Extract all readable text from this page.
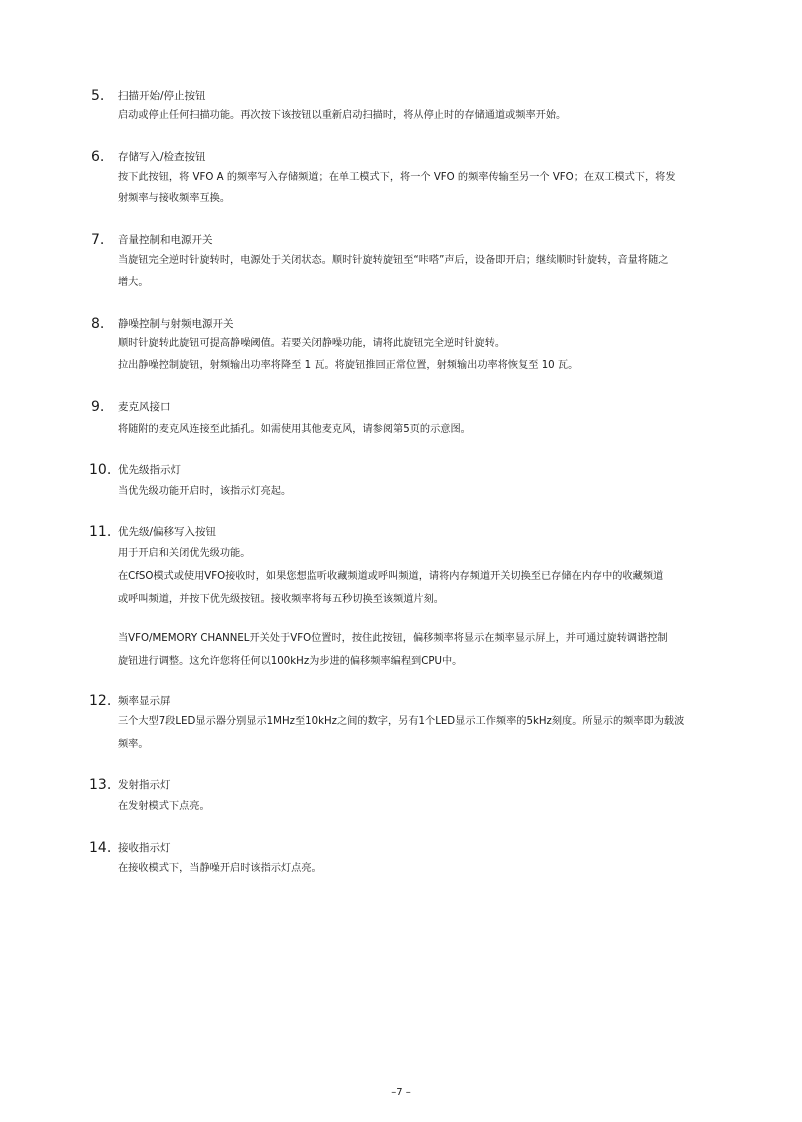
5.	扫描开始/停止按钮
启动或停止任何扫描功能。再次按下该按钮以重新启动扫描时，将从停止时的存储通道或频率开始。
6.	存储写入/检查按钮
按下此按钮，将 VFO A 的频率写入存储频道；在单工模式下，将一个 VFO 的频率传输至另一个 VFO；在双工模式下，将发
射频率与接收频率互换。
7.	音量控制和电源开关
当旋钮完全逆时针旋转时，电源处于关闭状态。顺时针旋转旋钮至“咔嗒”声后，设备即开启；继续顺时针旋转，音量将随之
增大。
8.	静噪控制与射频电源开关
顺时针旋转此旋钮可提高静噪阈值。若要关闭静噪功能，请将此旋钮完全逆时针旋转。
拉出静噪控制旋钮，射频输出功率将降至 1 瓦。将旋钮推回正常位置，射频输出功率将恢复至 10 瓦。
9.	麦克风接口
将随附的麦克风连接至此插孔。如需使用其他麦克风，请参阅第5页的示意图。
10. 优先级指示灯
当优先级功能开启时，该指示灯亮起。
11. 优先级/偏移写入按钮
用于开启和关闭优先级功能。
在CfSO模式或使用VFO接收时，如果您想监听收藏频道或呼叫频道，请将内存频道开关切换至已存储在内存中的收藏频道
或呼叫频道，并按下优先级按钮。接收频率将每五秒切换至该频道片刻。
当VFO/MEMORY CHANNEL开关处于VFO位置时，按住此按钮，偏移频率将显示在频率显示屏上，并可通过旋转调谐控制
旋钮进行调整。这允许您将任何以100kHz为步进的偏移频率编程到CPU中。
12. 频率显示屏
三个大型7段LED显示器分别显示1MHz至10kHz之间的数字，另有1个LED显示工作频率的5kHz刻度。所显示的频率即为载波
频率。
13. 发射指示灯
在发射模式下点亮。
14. 接收指示灯
在接收模式下，当静噪开启时该指示灯点亮。
–7 –
